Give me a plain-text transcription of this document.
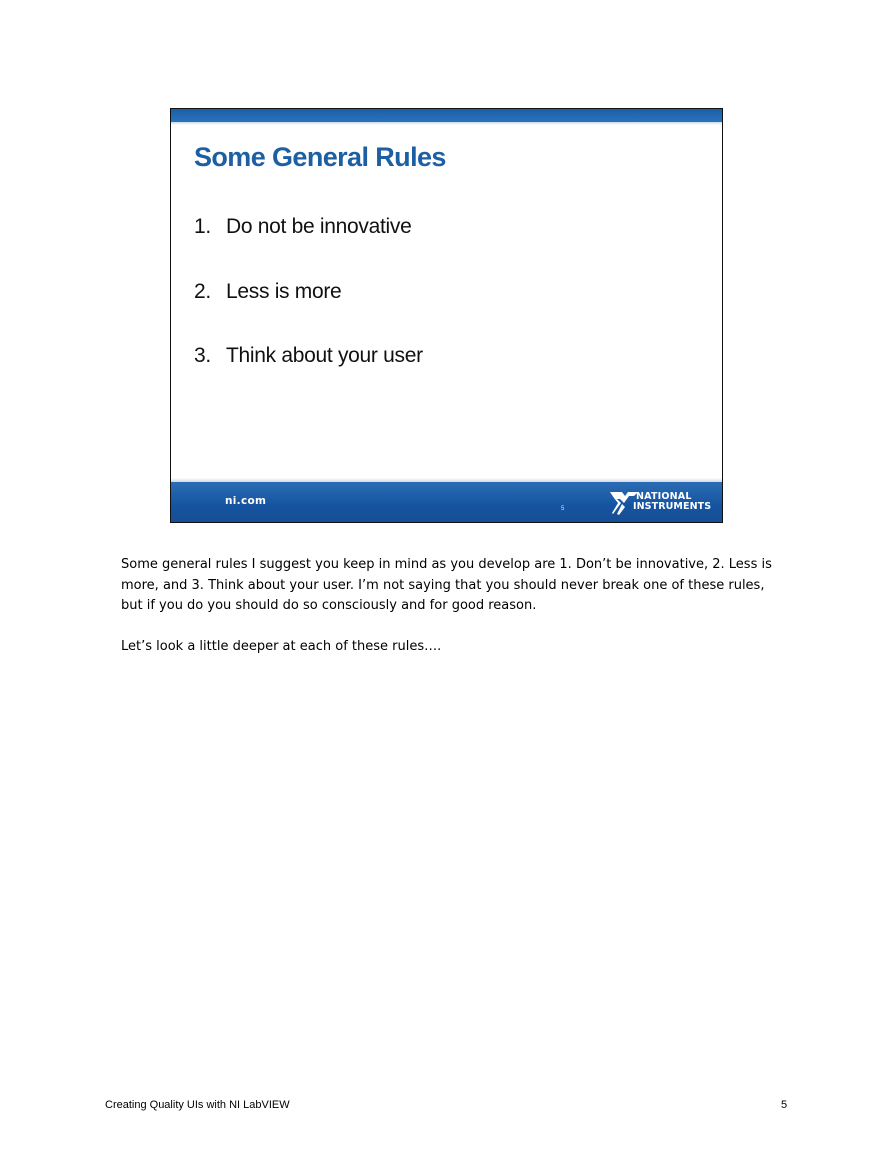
Some General Rules
1. Do not be innovative
2. Less is more
3. Think about your user
ni.com
5
NATIONAL
INSTRUMENTS

Some general rules I suggest you keep in mind as you develop are 1. Don’t be innovative, 2. Less is more, and 3. Think about your user. I’m not saying that you should never break one of these rules, but if you do you should do so consciously and for good reason.

Let’s look a little deeper at each of these rules….

Creating Quality UIs with NI LabVIEW	5
